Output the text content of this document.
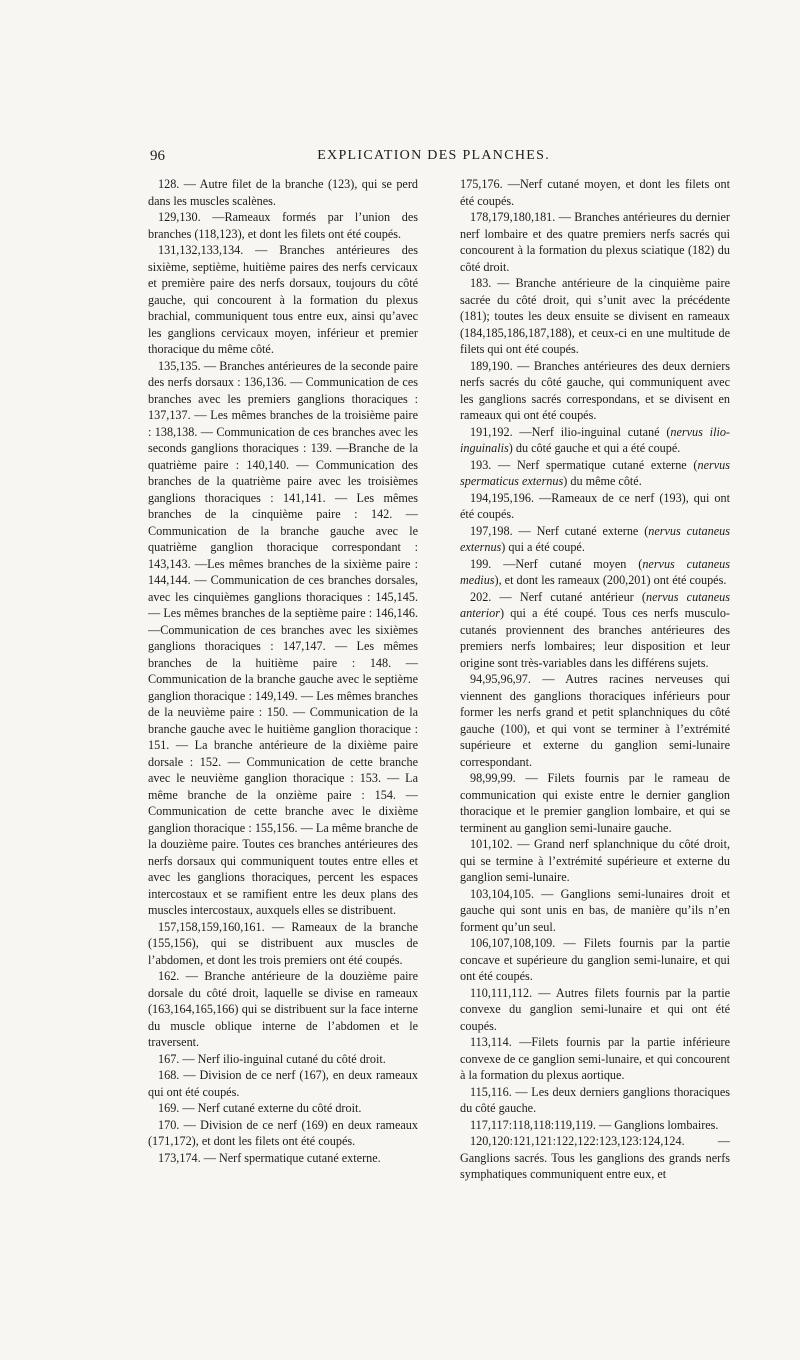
96	EXPLICATION DES PLANCHES.

128. — Autre filet de la branche (123), qui se perd dans les muscles scalènes.

129,130. —Rameaux formés par l’union des branches (118,123), et dont les filets ont été coupés.

131,132,133,134. — Branches antérieures des sixième, septième, huitième paires des nerfs cervicaux et première paire des nerfs dorsaux, toujours du côté gauche, qui concourent à la formation du plexus brachial, communiquent tous entre eux, ainsi qu’avec les ganglions cervicaux moyen, inférieur et premier thoracique du même côté.

135,135. — Branches antérieures de la seconde paire des nerfs dorsaux : 136,136. — Communication de ces branches avec les premiers ganglions thoraciques : 137,137. — Les mêmes branches de la troisième paire : 138,138. — Communication de ces branches avec les seconds ganglions thoraciques : 139. —Branche de la quatrième paire : 140,140. — Communication des branches de la quatrième paire avec les troisièmes ganglions thoraciques : 141,141. — Les mêmes branches de la cinquième paire : 142. — Communication de la branche gauche avec le quatrième ganglion thoracique correspondant : 143,143. —Les mêmes branches de la sixième paire : 144,144. — Communication de ces branches dorsales, avec les cinquièmes ganglions thoraciques : 145,145. — Les mêmes branches de la septième paire : 146,146. —Communication de ces branches avec les sixièmes ganglions thoraciques : 147,147. — Les mêmes branches de la huitième paire : 148. — Communication de la branche gauche avec le septième ganglion thoracique : 149,149. — Les mêmes branches de la neuvième paire : 150. — Communication de la branche gauche avec le huitième ganglion thoracique : 151. — La branche antérieure de la dixième paire dorsale : 152. — Communication de cette branche avec le neuvième ganglion thoracique : 153. — La même branche de la onzième paire : 154. — Communication de cette branche avec le dixième ganglion thoracique : 155,156. — La même branche de la douzième paire. Toutes ces branches antérieures des nerfs dorsaux qui communiquent toutes entre elles et avec les ganglions thoraciques, percent les espaces intercostaux et se ramifient entre les deux plans des muscles intercostaux, auxquels elles se distribuent.

157,158,159,160,161. — Rameaux de la branche (155,156), qui se distribuent aux muscles de l’abdomen, et dont les trois premiers ont été coupés.

162. — Branche antérieure de la douzième paire dorsale du côté droit, laquelle se divise en rameaux (163,164,165,166) qui se distribuent sur la face interne du muscle oblique interne de l’abdomen et le traversent.

167. — Nerf ilio-inguinal cutané du côté droit.

168. — Division de ce nerf (167), en deux rameaux qui ont été coupés.

169. — Nerf cutané externe du côté droit.

170. — Division de ce nerf (169) en deux rameaux (171,172), et dont les filets ont été coupés.

173,174. — Nerf spermatique cutané externe.

175,176. —Nerf cutané moyen, et dont les filets ont été coupés.

178,179,180,181. — Branches antérieures du dernier nerf lombaire et des quatre premiers nerfs sacrés qui concourent à la formation du plexus sciatique (182) du côté droit.

183. — Branche antérieure de la cinquième paire sacrée du côté droit, qui s’unit avec la précédente (181); toutes les deux ensuite se divisent en rameaux (184,185,186,187,188), et ceux-ci en une multitude de filets qui ont été coupés.

189,190. — Branches antérieures des deux derniers nerfs sacrés du côté gauche, qui communiquent avec les ganglions sacrés correspondans, et se divisent en rameaux qui ont été coupés.

191,192. —Nerf ilio-inguinal cutané (nervus ilio-inguinalis) du côté gauche et qui a été coupé.

193. — Nerf spermatique cutané externe (nervus spermaticus externus) du même côté.

194,195,196. —Rameaux de ce nerf (193), qui ont été coupés.

197,198. — Nerf cutané externe (nervus cutaneus externus) qui a été coupé.

199. —Nerf cutané moyen (nervus cutaneus medius), et dont les rameaux (200,201) ont été coupés.

202. — Nerf cutané antérieur (nervus cutaneus anterior) qui a été coupé. Tous ces nerfs musculo-cutanés proviennent des branches antérieures des premiers nerfs lombaires; leur disposition et leur origine sont très-variables dans les différens sujets.

94,95,96,97. — Autres racines nerveuses qui viennent des ganglions thoraciques inférieurs pour former les nerfs grand et petit splanchniques du côté gauche (100), et qui vont se terminer à l’extrémité supérieure et externe du ganglion semi-lunaire correspondant.

98,99,99. — Filets fournis par le rameau de communication qui existe entre le dernier ganglion thoracique et le premier ganglion lombaire, et qui se terminent au ganglion semi-lunaire gauche.

101,102. — Grand nerf splanchnique du côté droit, qui se termine à l’extrémité supérieure et externe du ganglion semi-lunaire.

103,104,105. — Ganglions semi-lunaires droit et gauche qui sont unis en bas, de manière qu’ils n’en forment qu’un seul.

106,107,108,109. — Filets fournis par la partie concave et supérieure du ganglion semi-lunaire, et qui ont été coupés.

110,111,112. — Autres filets fournis par la partie convexe du ganglion semi-lunaire et qui ont été coupés.

113,114. —Filets fournis par la partie inférieure convexe de ce ganglion semi-lunaire, et qui concourent à la formation du plexus aortique.

115,116. — Les deux derniers ganglions thoraciques du côté gauche.

117,117:118,118:119,119. — Ganglions lombaires.

120,120:121,121:122,122:123,123:124,124. — Ganglions sacrés. Tous les ganglions des grands nerfs symphatiques communiquent entre eux, et
